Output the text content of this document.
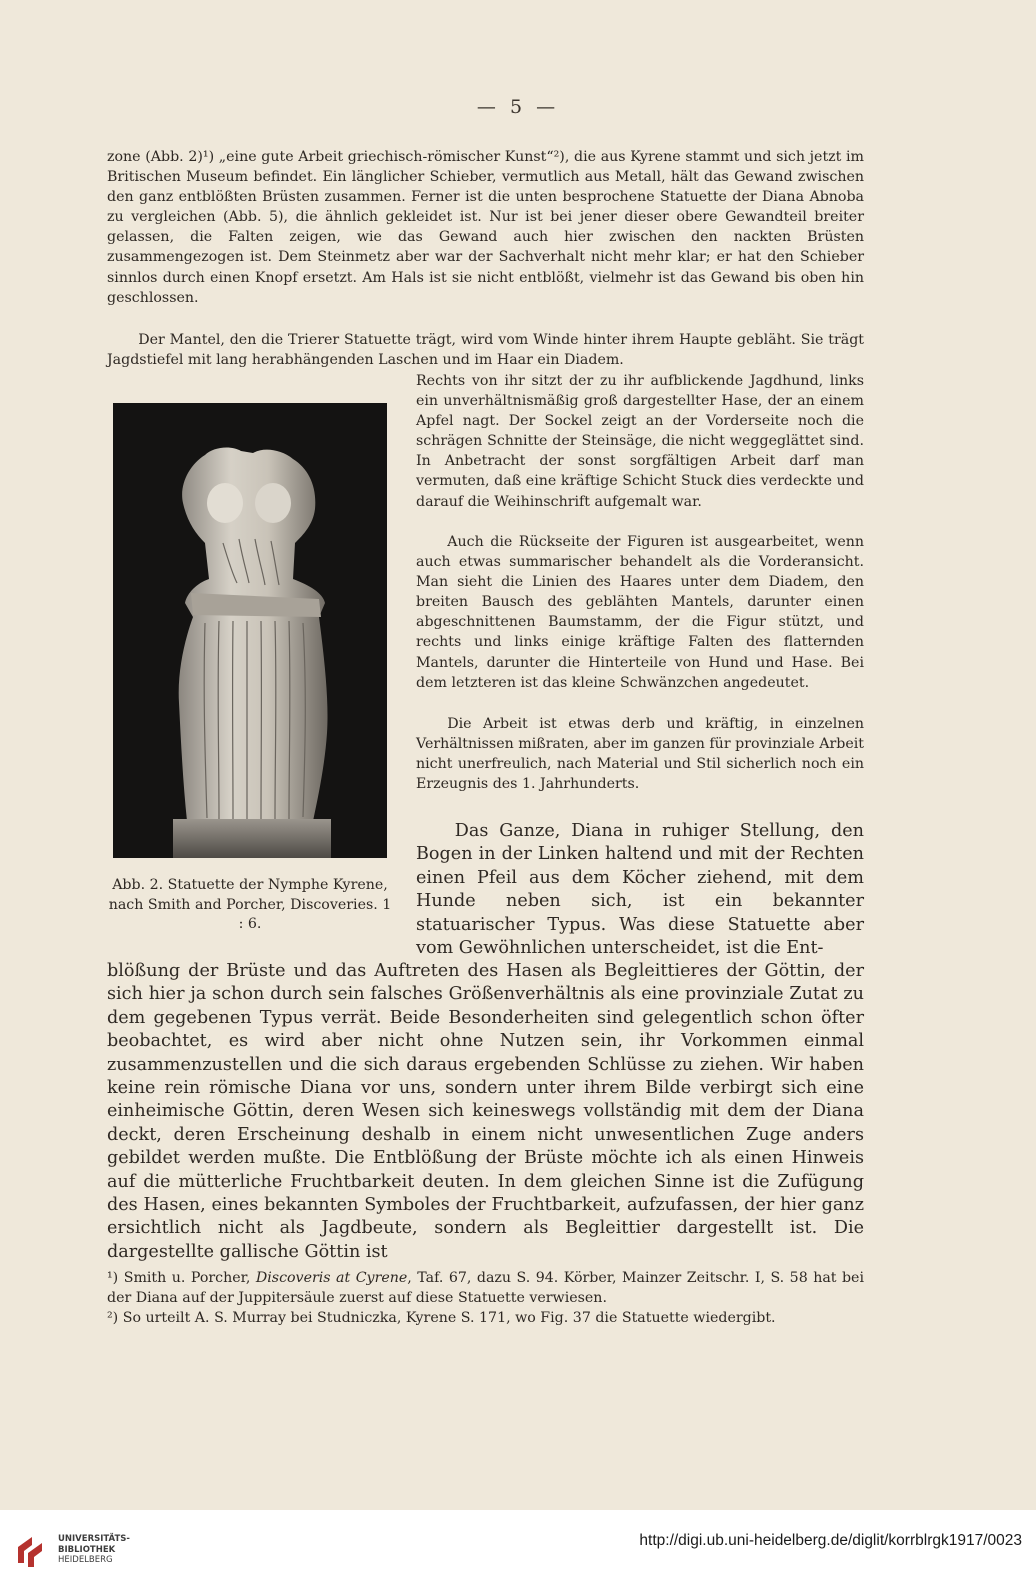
— 5 —

zone (Abb. 2)¹) „eine gute Arbeit griechisch-römischer Kunst“²), die aus Kyrene stammt und sich jetzt im Britischen Museum befindet. Ein länglicher Schieber, vermutlich aus Metall, hält das Gewand zwischen den ganz entblößten Brüsten zusammen. Ferner ist die unten besprochene Statuette der Diana Abnoba zu vergleichen (Abb. 5), die ähnlich gekleidet ist. Nur ist bei jener dieser obere Gewandteil breiter gelassen, die Falten zeigen, wie das Gewand auch hier zwischen den nackten Brüsten zusammengezogen ist. Dem Steinmetz aber war der Sachverhalt nicht mehr klar; er hat den Schieber sinnlos durch einen Knopf ersetzt. Am Hals ist sie nicht entblößt, vielmehr ist das Gewand bis oben hin geschlossen.

Der Mantel, den die Trierer Statuette trägt, wird vom Winde hinter ihrem Haupte gebläht. Sie trägt Jagdstiefel mit lang herabhängenden Laschen und im Haar ein Diadem.

Rechts von ihr sitzt der zu ihr aufblickende Jagdhund, links ein unverhältnismäßig groß dargestellter Hase, der an einem Apfel nagt. Der Sockel zeigt an der Vorderseite noch die schrägen Schnitte der Steinsäge, die nicht weggeglättet sind. In Anbetracht der sonst sorgfältigen Arbeit darf man vermuten, daß eine kräftige Schicht Stuck dies verdeckte und darauf die Weihinschrift aufgemalt war.

Auch die Rückseite der Figuren ist ausgearbeitet, wenn auch etwas summarischer behandelt als die Vorderansicht. Man sieht die Linien des Haares unter dem Diadem, den breiten Bausch des geblähten Mantels, darunter einen abgeschnittenen Baumstamm, der die Figur stützt, und rechts und links einige kräftige Falten des flatternden Mantels, darunter die Hinterteile von Hund und Hase. Bei dem letzteren ist das kleine Schwänzchen angedeutet.

Die Arbeit ist etwas derb und kräftig, in einzelnen Verhältnissen mißraten, aber im ganzen für provinziale Arbeit nicht unerfreulich, nach Material und Stil sicherlich noch ein Erzeugnis des 1. Jahrhunderts.

Das Ganze, Diana in ruhiger Stellung, den Bogen in der Linken haltend und mit der Rechten einen Pfeil aus dem Köcher ziehend, mit dem Hunde neben sich, ist ein bekannter statuarischer Typus. Was diese Statuette aber vom Gewöhnlichen unterscheidet, ist die Ent-

blößung der Brüste und das Auftreten des Hasen als Begleittieres der Göttin, der sich hier ja schon durch sein falsches Größenverhältnis als eine provinziale Zutat zu dem gegebenen Typus verrät. Beide Besonderheiten sind gelegentlich schon öfter beobachtet, es wird aber nicht ohne Nutzen sein, ihr Vorkommen einmal zusammenzustellen und die sich daraus ergebenden Schlüsse zu ziehen. Wir haben keine rein römische Diana vor uns, sondern unter ihrem Bilde verbirgt sich eine einheimische Göttin, deren Wesen sich keineswegs vollständig mit dem der Diana deckt, deren Erscheinung deshalb in einem nicht unwesentlichen Zuge anders gebildet werden mußte. Die Entblößung der Brüste möchte ich als einen Hinweis auf die mütterliche Fruchtbarkeit deuten. In dem gleichen Sinne ist die Zufügung des Hasen, eines bekannten Symboles der Fruchtbarkeit, aufzufassen, der hier ganz ersichtlich nicht als Jagdbeute, sondern als Begleittier dargestellt ist. Die dargestellte gallische Göttin ist

Abb. 2. Statuette der Nymphe Kyrene, nach Smith and Porcher, Discoveries. 1 : 6.

¹) Smith u. Porcher, Discoveris at Cyrene, Taf. 67, dazu S. 94. Körber, Mainzer Zeitschr. I, S. 58 hat bei der Diana auf der Juppitersäule zuerst auf diese Statuette verwiesen.
²) So urteilt A. S. Murray bei Studniczka, Kyrene S. 171, wo Fig. 37 die Statuette wiedergibt.
UNIVERSITÄTS-
BIBLIOTHEK
HEIDELBERG
http://digi.ub.uni-heidelberg.de/diglit/korrblrgk1917/0023
